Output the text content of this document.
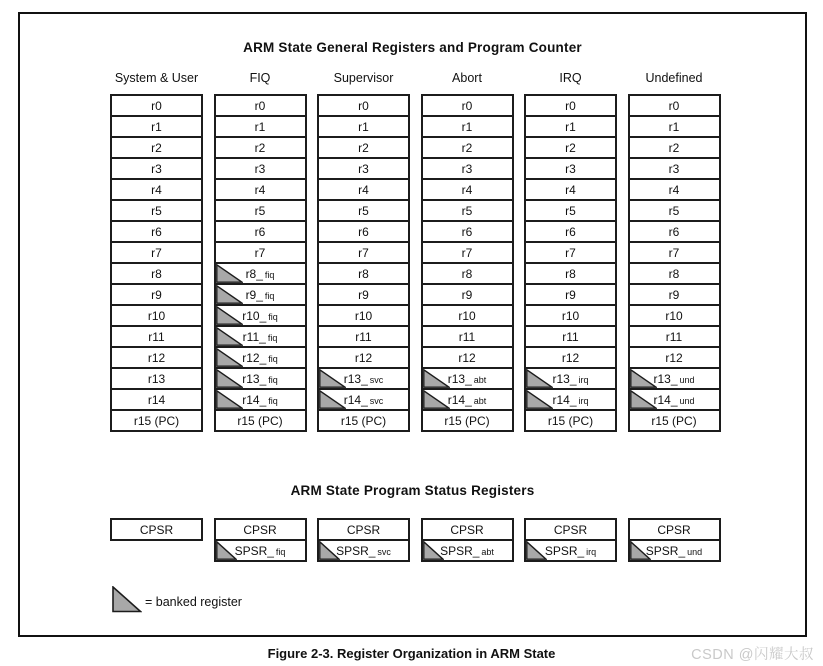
ARM State General Registers and Program Counter
ARM State Program Status Registers
= banked register
System & User
r0
r1
r2
r3
r4
r5
r6
r7
r8
r9
r10
r11
r12
r13
r14
r15 (PC)
CPSR
FIQ
r0
r1
r2
r3
r4
r5
r6
r7
r8_ fiq
r9_ fiq
r10_ fiq
r11_ fiq
r12_ fiq
r13_ fiq
r14_ fiq
r15 (PC)
CPSR
SPSR_ fiq
Supervisor
r0
r1
r2
r3
r4
r5
r6
r7
r8
r9
r10
r11
r12
r13_ svc
r14_ svc
r15 (PC)
CPSR
SPSR_ svc
Abort
r0
r1
r2
r3
r4
r5
r6
r7
r8
r9
r10
r11
r12
r13_ abt
r14_ abt
r15 (PC)
CPSR
SPSR_ abt
IRQ
r0
r1
r2
r3
r4
r5
r6
r7
r8
r9
r10
r11
r12
r13_ irq
r14_ irq
r15 (PC)
CPSR
SPSR_ irq
Undefined
r0
r1
r2
r3
r4
r5
r6
r7
r8
r9
r10
r11
r12
r13_ und
r14_ und
r15 (PC)
CPSR
SPSR_ und
Figure 2-3. Register Organization in ARM State	CSDN @闪耀大叔
